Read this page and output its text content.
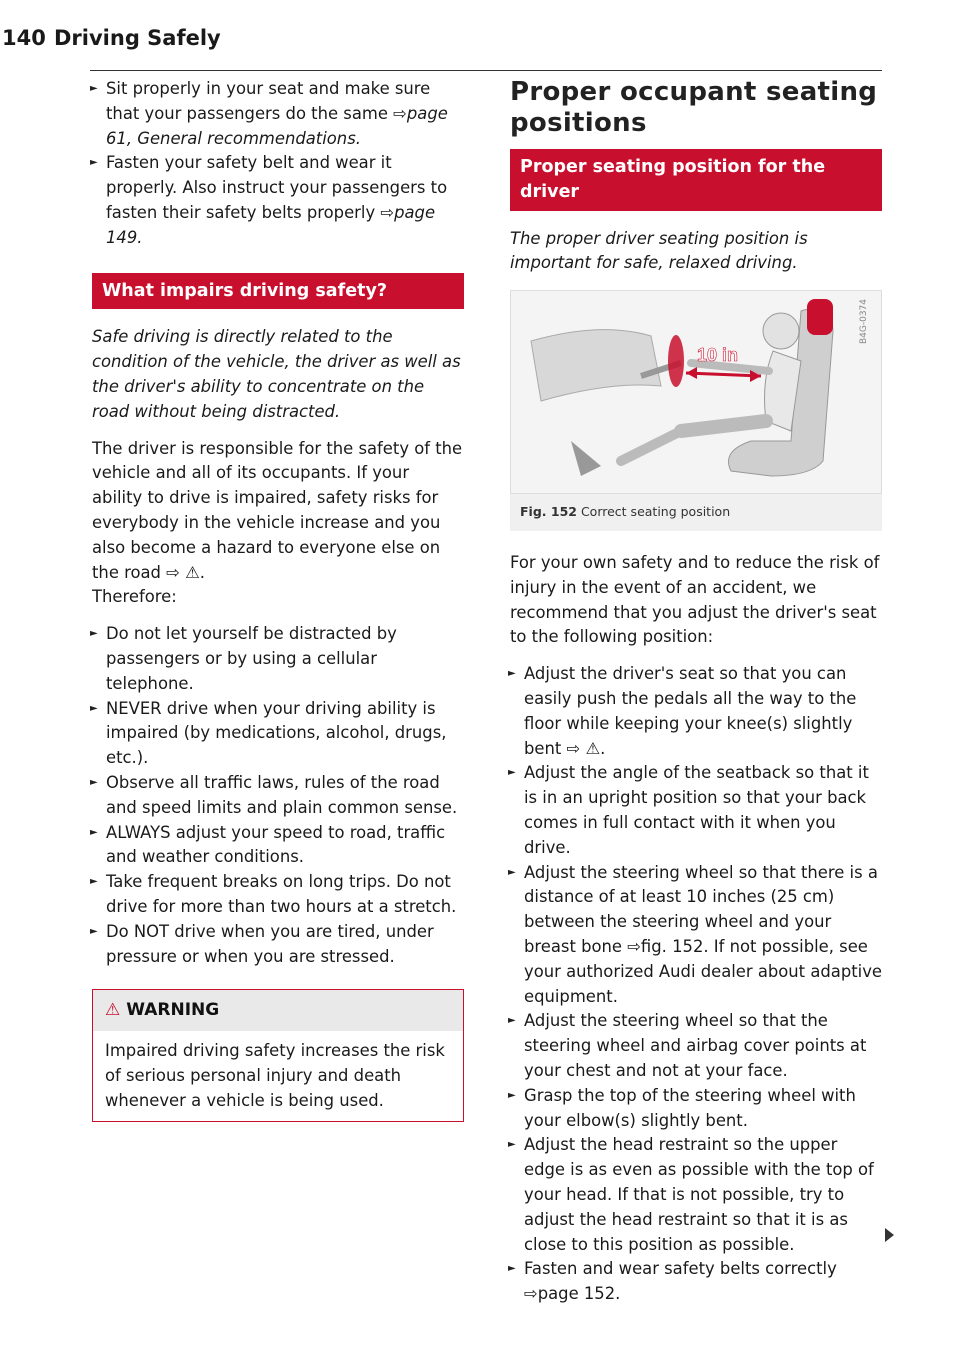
140 Driving Safely
► Sit properly in your seat and make sure that your passengers do the same ⇨page 61, General recommendations.
► Fasten your safety belt and wear it properly. Also instruct your passengers to fasten their safety belts properly ⇨page 149.
What impairs driving safety?

Safe driving is directly related to the condition of the vehicle, the driver as well as the driver's ability to concentrate on the road without being distracted.

The driver is responsible for the safety of the vehicle and all of its occupants. If your ability to drive is impaired, safety risks for everybody in the vehicle increase and you also become a hazard to everyone else on the road ⇨ ⚠.

Therefore:

► Do not let yourself be distracted by passengers or by using a cellular telephone.
► NEVER drive when your driving ability is impaired (by medications, alcohol, drugs, etc.).
► Observe all traffic laws, rules of the road and speed limits and plain common sense.
► ALWAYS adjust your speed to road, traffic and weather conditions.
► Take frequent breaks on long trips. Do not drive for more than two hours at a stretch.
► Do NOT drive when you are tired, under pressure or when you are stressed.
⚠ WARNING
Impaired driving safety increases the risk of serious personal injury and death whenever a vehicle is being used.
Proper occupant seating positions
Proper seating position for the driver

The proper driver seating position is important for safe, relaxed driving.

10 in
B4G-0374
Fig. 152 Correct seating position

For your own safety and to reduce the risk of injury in the event of an accident, we recommend that you adjust the driver's seat to the following position:

► Adjust the driver's seat so that you can easily push the pedals all the way to the floor while keeping your knee(s) slightly bent ⇨ ⚠.
► Adjust the angle of the seatback so that it is in an upright position so that your back comes in full contact with it when you drive.
► Adjust the steering wheel so that there is a distance of at least 10 inches (25 cm) between the steering wheel and your breast bone ⇨fig. 152. If not possible, see your authorized Audi dealer about adaptive equipment.
► Adjust the steering wheel so that the steering wheel and airbag cover points at your chest and not at your face.
► Grasp the top of the steering wheel with your elbow(s) slightly bent.
► Adjust the head restraint so the upper edge is as even as possible with the top of your head. If that is not possible, try to adjust the head restraint so that it is as close to this position as possible.
► Fasten and wear safety belts correctly ⇨page 152.
